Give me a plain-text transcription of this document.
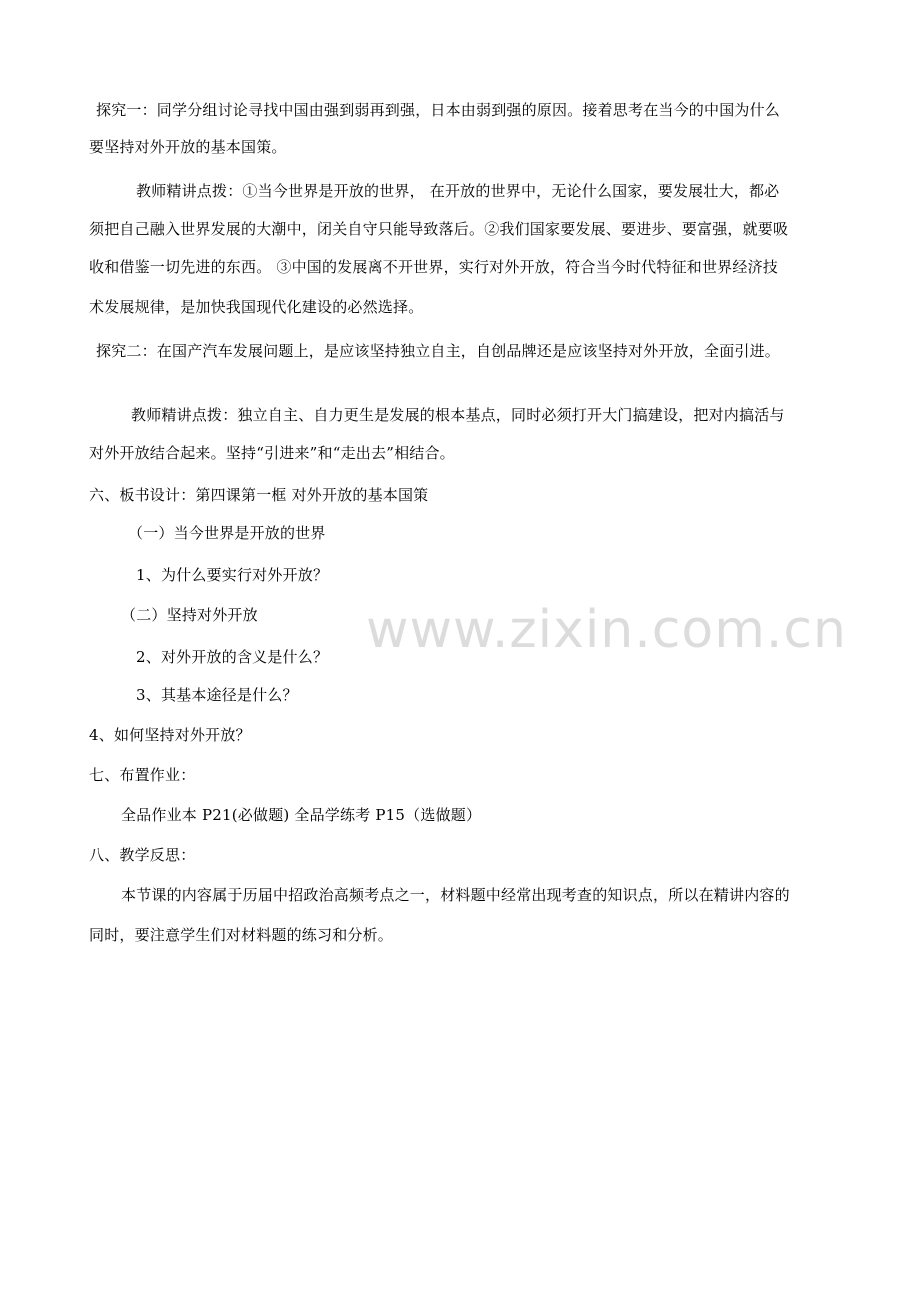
探究一：同学分组讨论寻找中国由强到弱再到强，日本由弱到强的原因。接着思考在当今的中国为什么
要坚持对外开放的基本国策。
教师精讲点拨：①当今世界是开放的世界， 在开放的世界中，无论什么国家，要发展壮大，都必
须把自己融入世界发展的大潮中，闭关自守只能导致落后。②我们国家要发展、要进步、要富强，就要吸
收和借鉴一切先进的东西。 ③中国的发展离不开世界，实行对外开放，符合当今时代特征和世界经济技
术发展规律，是加快我国现代化建设的必然选择。
探究二：在国产汽车发展问题上，是应该坚持独立自主，自创品牌还是应该坚持对外开放，全面引进。
教师精讲点拨：独立自主、自力更生是发展的根本基点，同时必须打开大门搞建设，把对内搞活与
对外开放结合起来。坚持“引进来”和“走出去”相结合。
六、板书设计：第四课第一框 对外开放的基本国策
（一）当今世界是开放的世界
1、为什么要实行对外开放？
（二）坚持对外开放
2、对外开放的含义是什么？
3、其基本途径是什么？
4、如何坚持对外开放？
七、布置作业：
全品作业本 P21(必做题) 全品学练考 P15（选做题）
八、教学反思：
本节课的内容属于历届中招政治高频考点之一，材料题中经常出现考查的知识点，所以在精讲内容的
同时，要注意学生们对材料题的练习和分析。
www.zixin.com.cn
